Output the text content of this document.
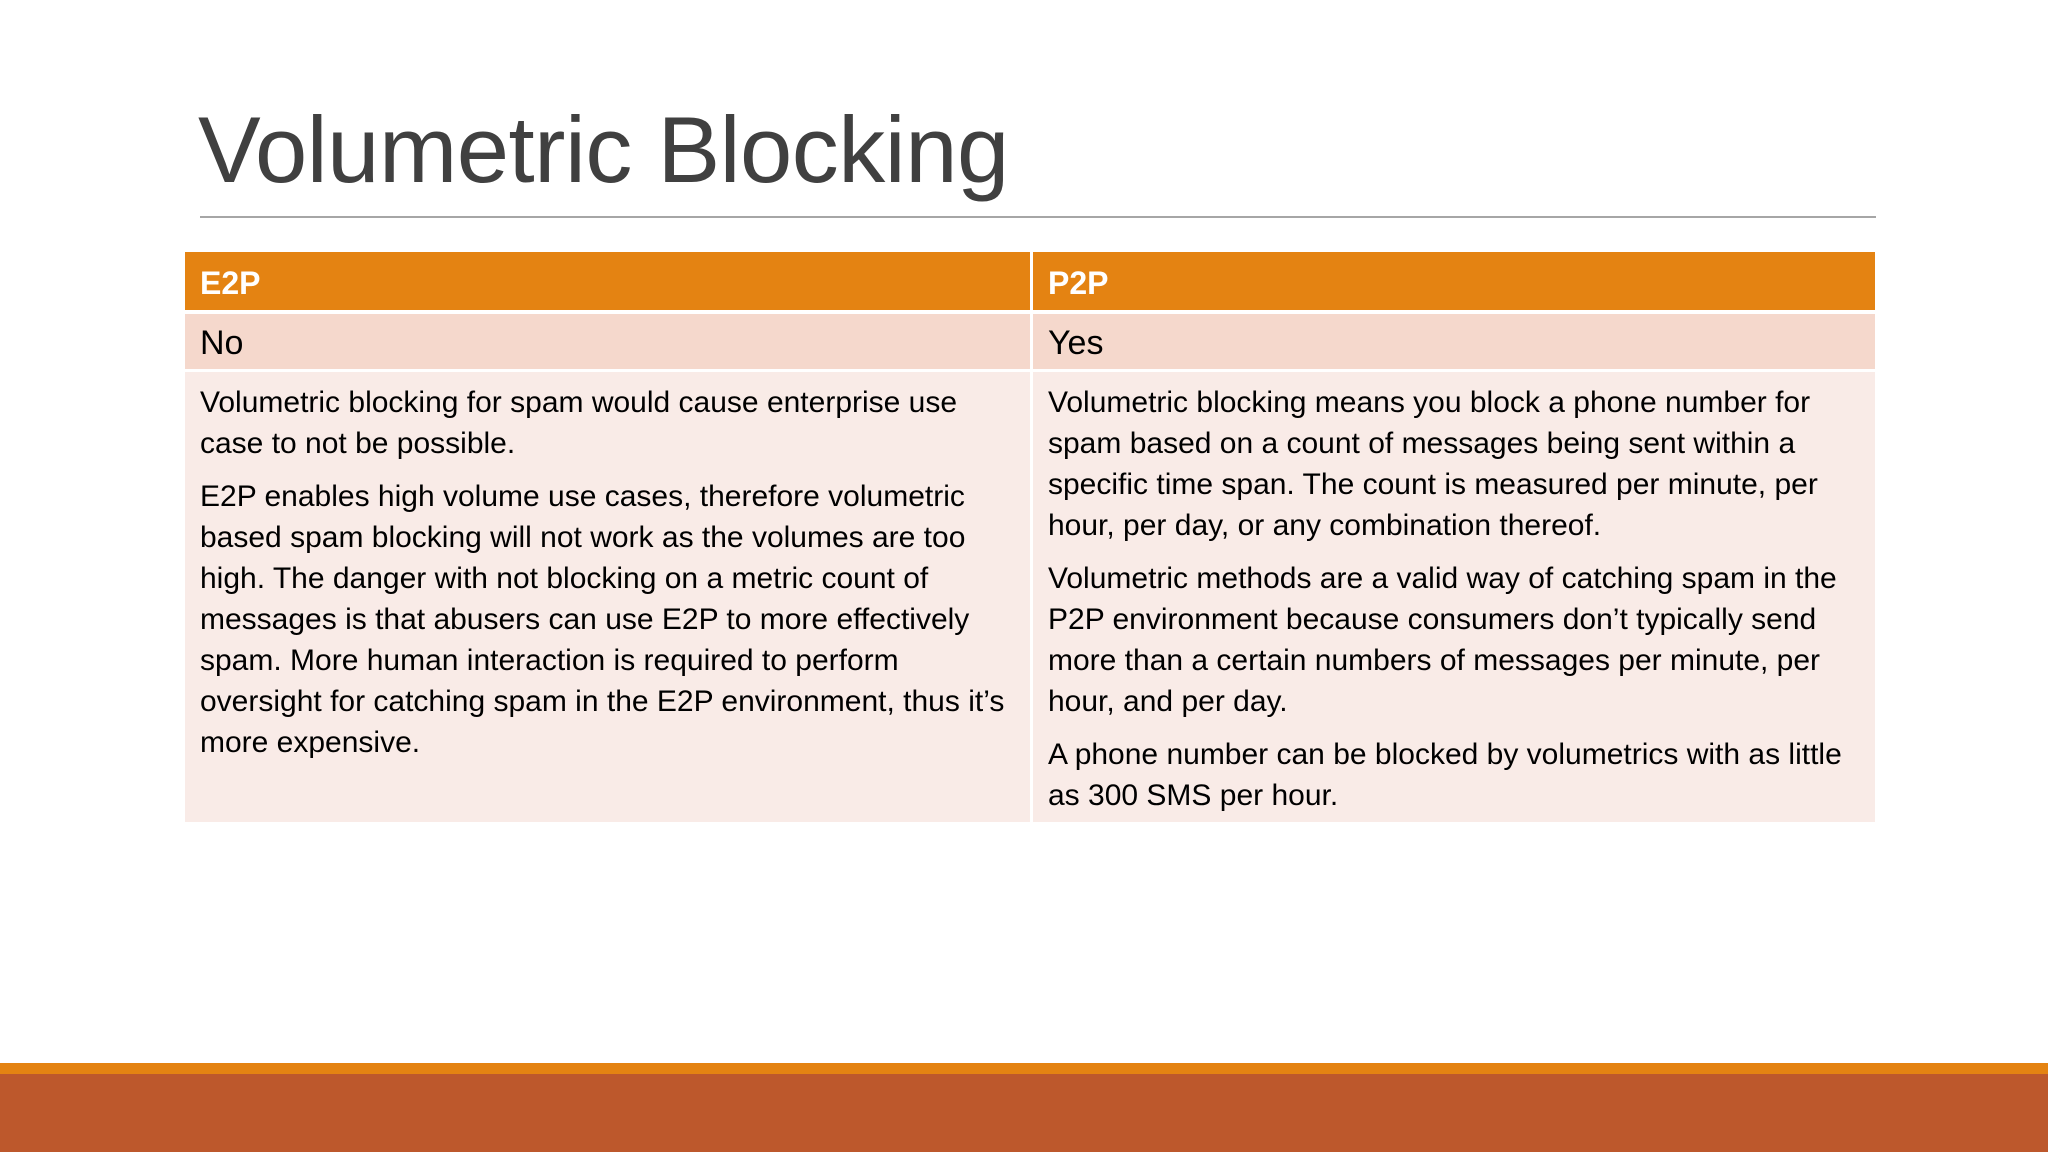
Volumetric Blocking
E2P	P2P
No	Yes

Volumetric blocking for spam would cause enterprise use case to not be possible.

E2P enables high volume use cases, therefore volumetric based spam blocking will not work as the volumes are too high. The danger with not blocking on a metric count of messages is that abusers can use E2P to more effectively spam. More human interaction is required to perform oversight for catching spam in the E2P environment, thus it’s more expensive.

Volumetric blocking means you block a phone number for spam based on a count of messages being sent within a specific time span. The count is measured per minute, per hour, per day, or any combination thereof.

Volumetric methods are a valid way of catching spam in the P2P environment because consumers don’t typically send more than a certain numbers of messages per minute, per hour, and per day.

A phone number can be blocked by volumetrics with as little as 300 SMS per hour.
